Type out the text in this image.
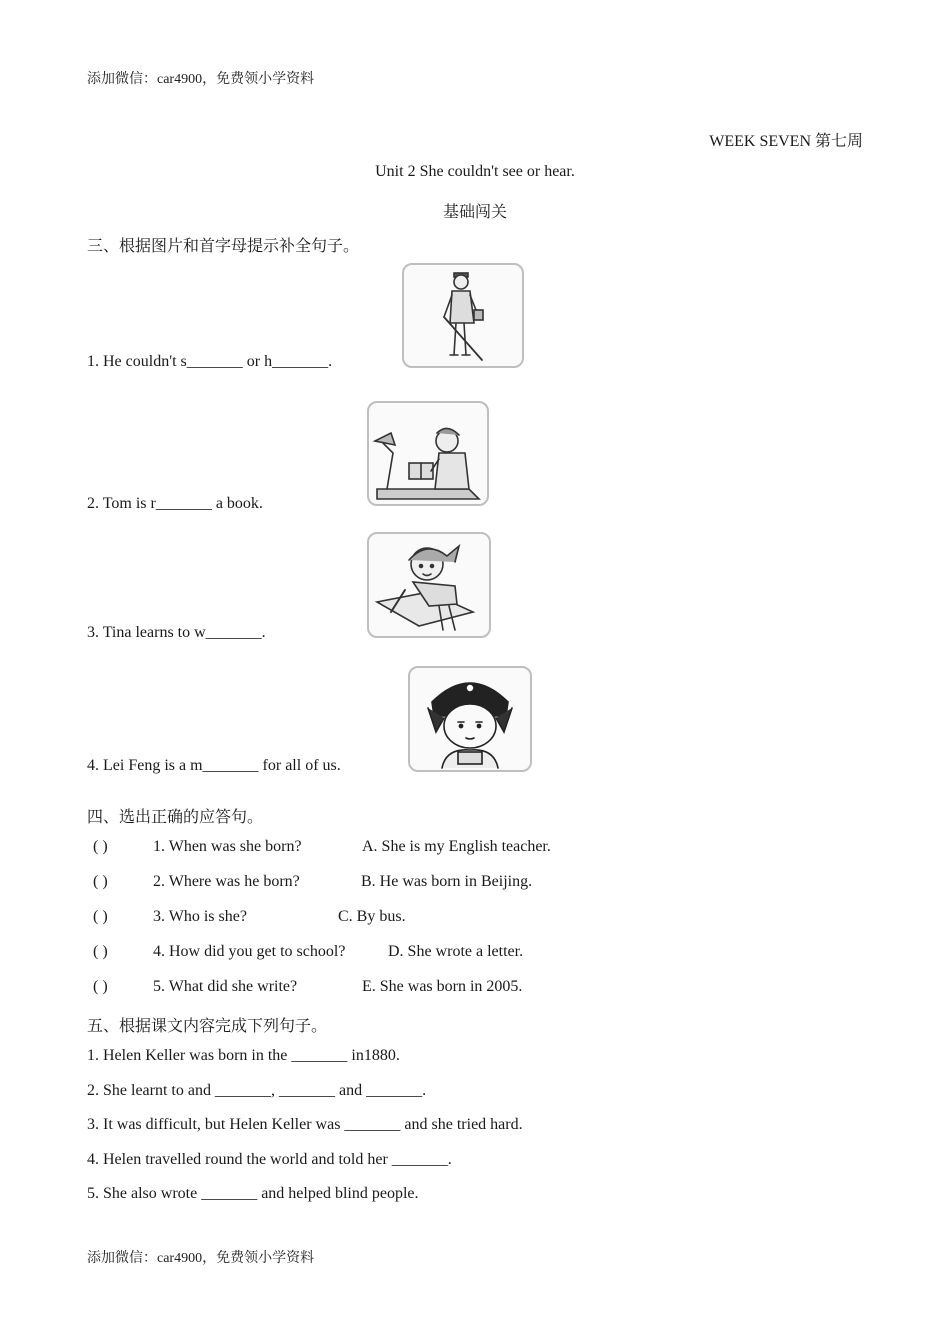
添加微信：car4900，免费领小学资料
WEEK SEVEN 第七周
Unit 2 She couldn't see or hear.
基础闯关
三、根据图片和首字母提示补全句子。
1. He couldn't s_______ or h_______.
2. Tom is r_______ a book.
3. Tina learns to w_______.
4. Lei Feng is a m_______ for all of us.
四、选出正确的应答句。
( )	1. When was she born?	A. She is my English teacher.
( )	2. Where was he born?	B. He was born in Beijing.
( )	3. Who is she?	C. By bus.
( )	4. How did you get to school?	D. She wrote a letter.
( )	5. What did she write?	E. She was born in 2005.
五、根据课文内容完成下列句子。
1. Helen Keller was born in the _______ in1880.
2. She learnt to and _______, _______ and _______.
3. It was difficult, but Helen Keller was _______ and she tried hard.
4. Helen travelled round the world and told her _______.
5. She also wrote _______ and helped blind people.
添加微信：car4900，免费领小学资料
